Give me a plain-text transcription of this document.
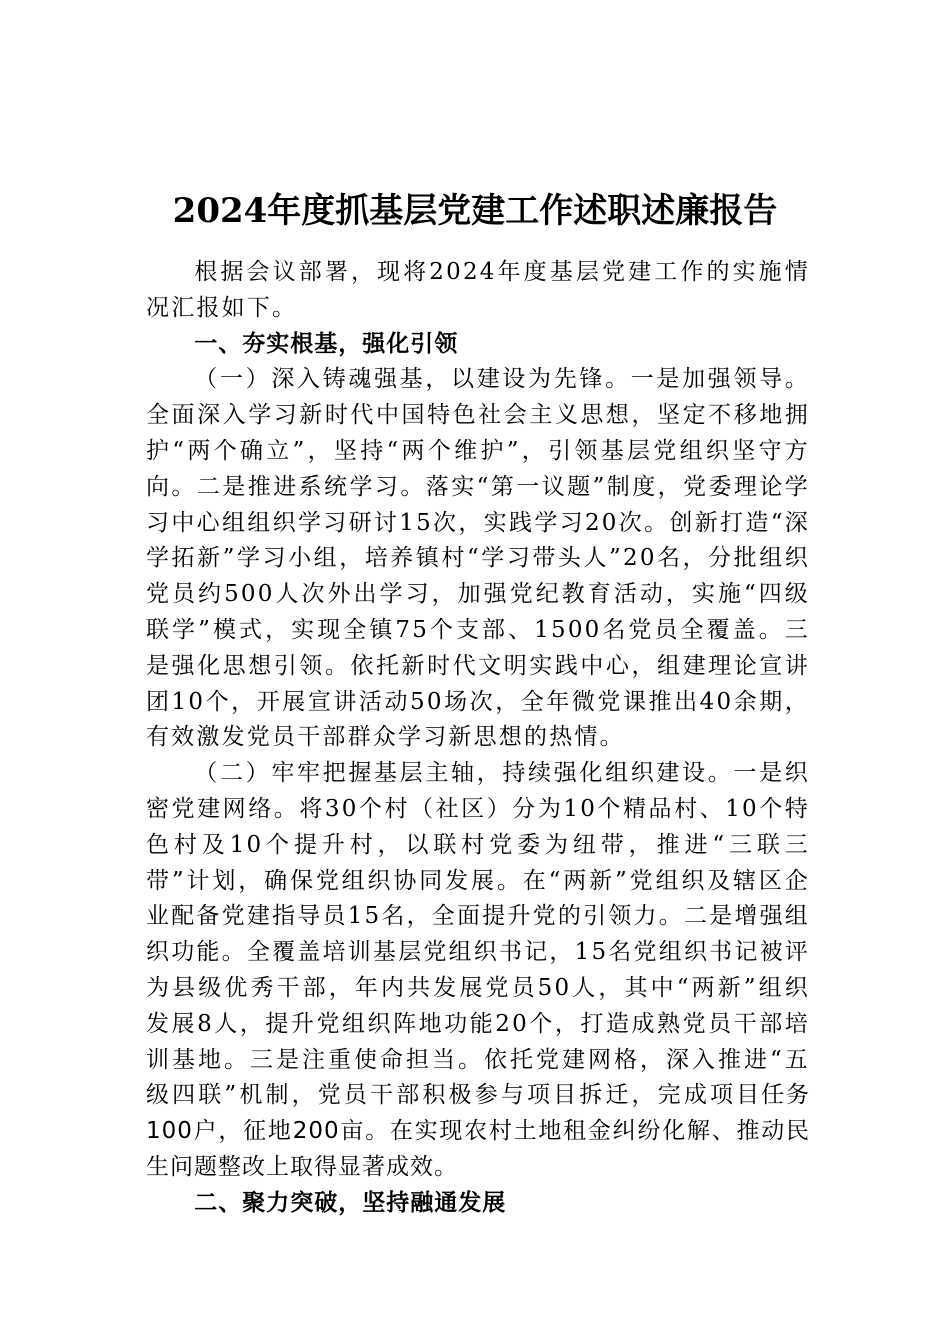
2024年度抓基层党建工作述职述廉报告

根据会议部署，现将2024年度基层党建工作的实施情况汇报如下。

一、夯实根基，强化引领

（一）深入铸魂强基，以建设为先锋。一是加强领导。全面深入学习新时代中国特色社会主义思想，坚定不移地拥护“两个确立”，坚持“两个维护”，引领基层党组织坚守方向。二是推进系统学习。落实“第一议题”制度，党委理论学习中心组组织学习研讨15次，实践学习20次。创新打造“深学拓新”学习小组，培养镇村“学习带头人”20名，分批组织党员约500人次外出学习，加强党纪教育活动，实施“四级联学”模式，实现全镇75个支部、1500名党员全覆盖。三是强化思想引领。依托新时代文明实践中心，组建理论宣讲团10个，开展宣讲活动50场次，全年微党课推出40余期，有效激发党员干部群众学习新思想的热情。

（二）牢牢把握基层主轴，持续强化组织建设。一是织密党建网络。将30个村（社区）分为10个精品村、10个特色村及10个提升村，以联村党委为纽带，推进“三联三带”计划，确保党组织协同发展。在“两新”党组织及辖区企业配备党建指导员15名，全面提升党的引领力。二是增强组织功能。全覆盖培训基层党组织书记，15名党组织书记被评为县级优秀干部，年内共发展党员50人，其中“两新”组织发展8人，提升党组织阵地功能20个，打造成熟党员干部培训基地。三是注重使命担当。依托党建网格，深入推进“五级四联”机制，党员干部积极参与项目拆迁，完成项目任务100户，征地200亩。在实现农村土地租金纠纷化解、推动民生问题整改上取得显著成效。

二、聚力突破，坚持融通发展
